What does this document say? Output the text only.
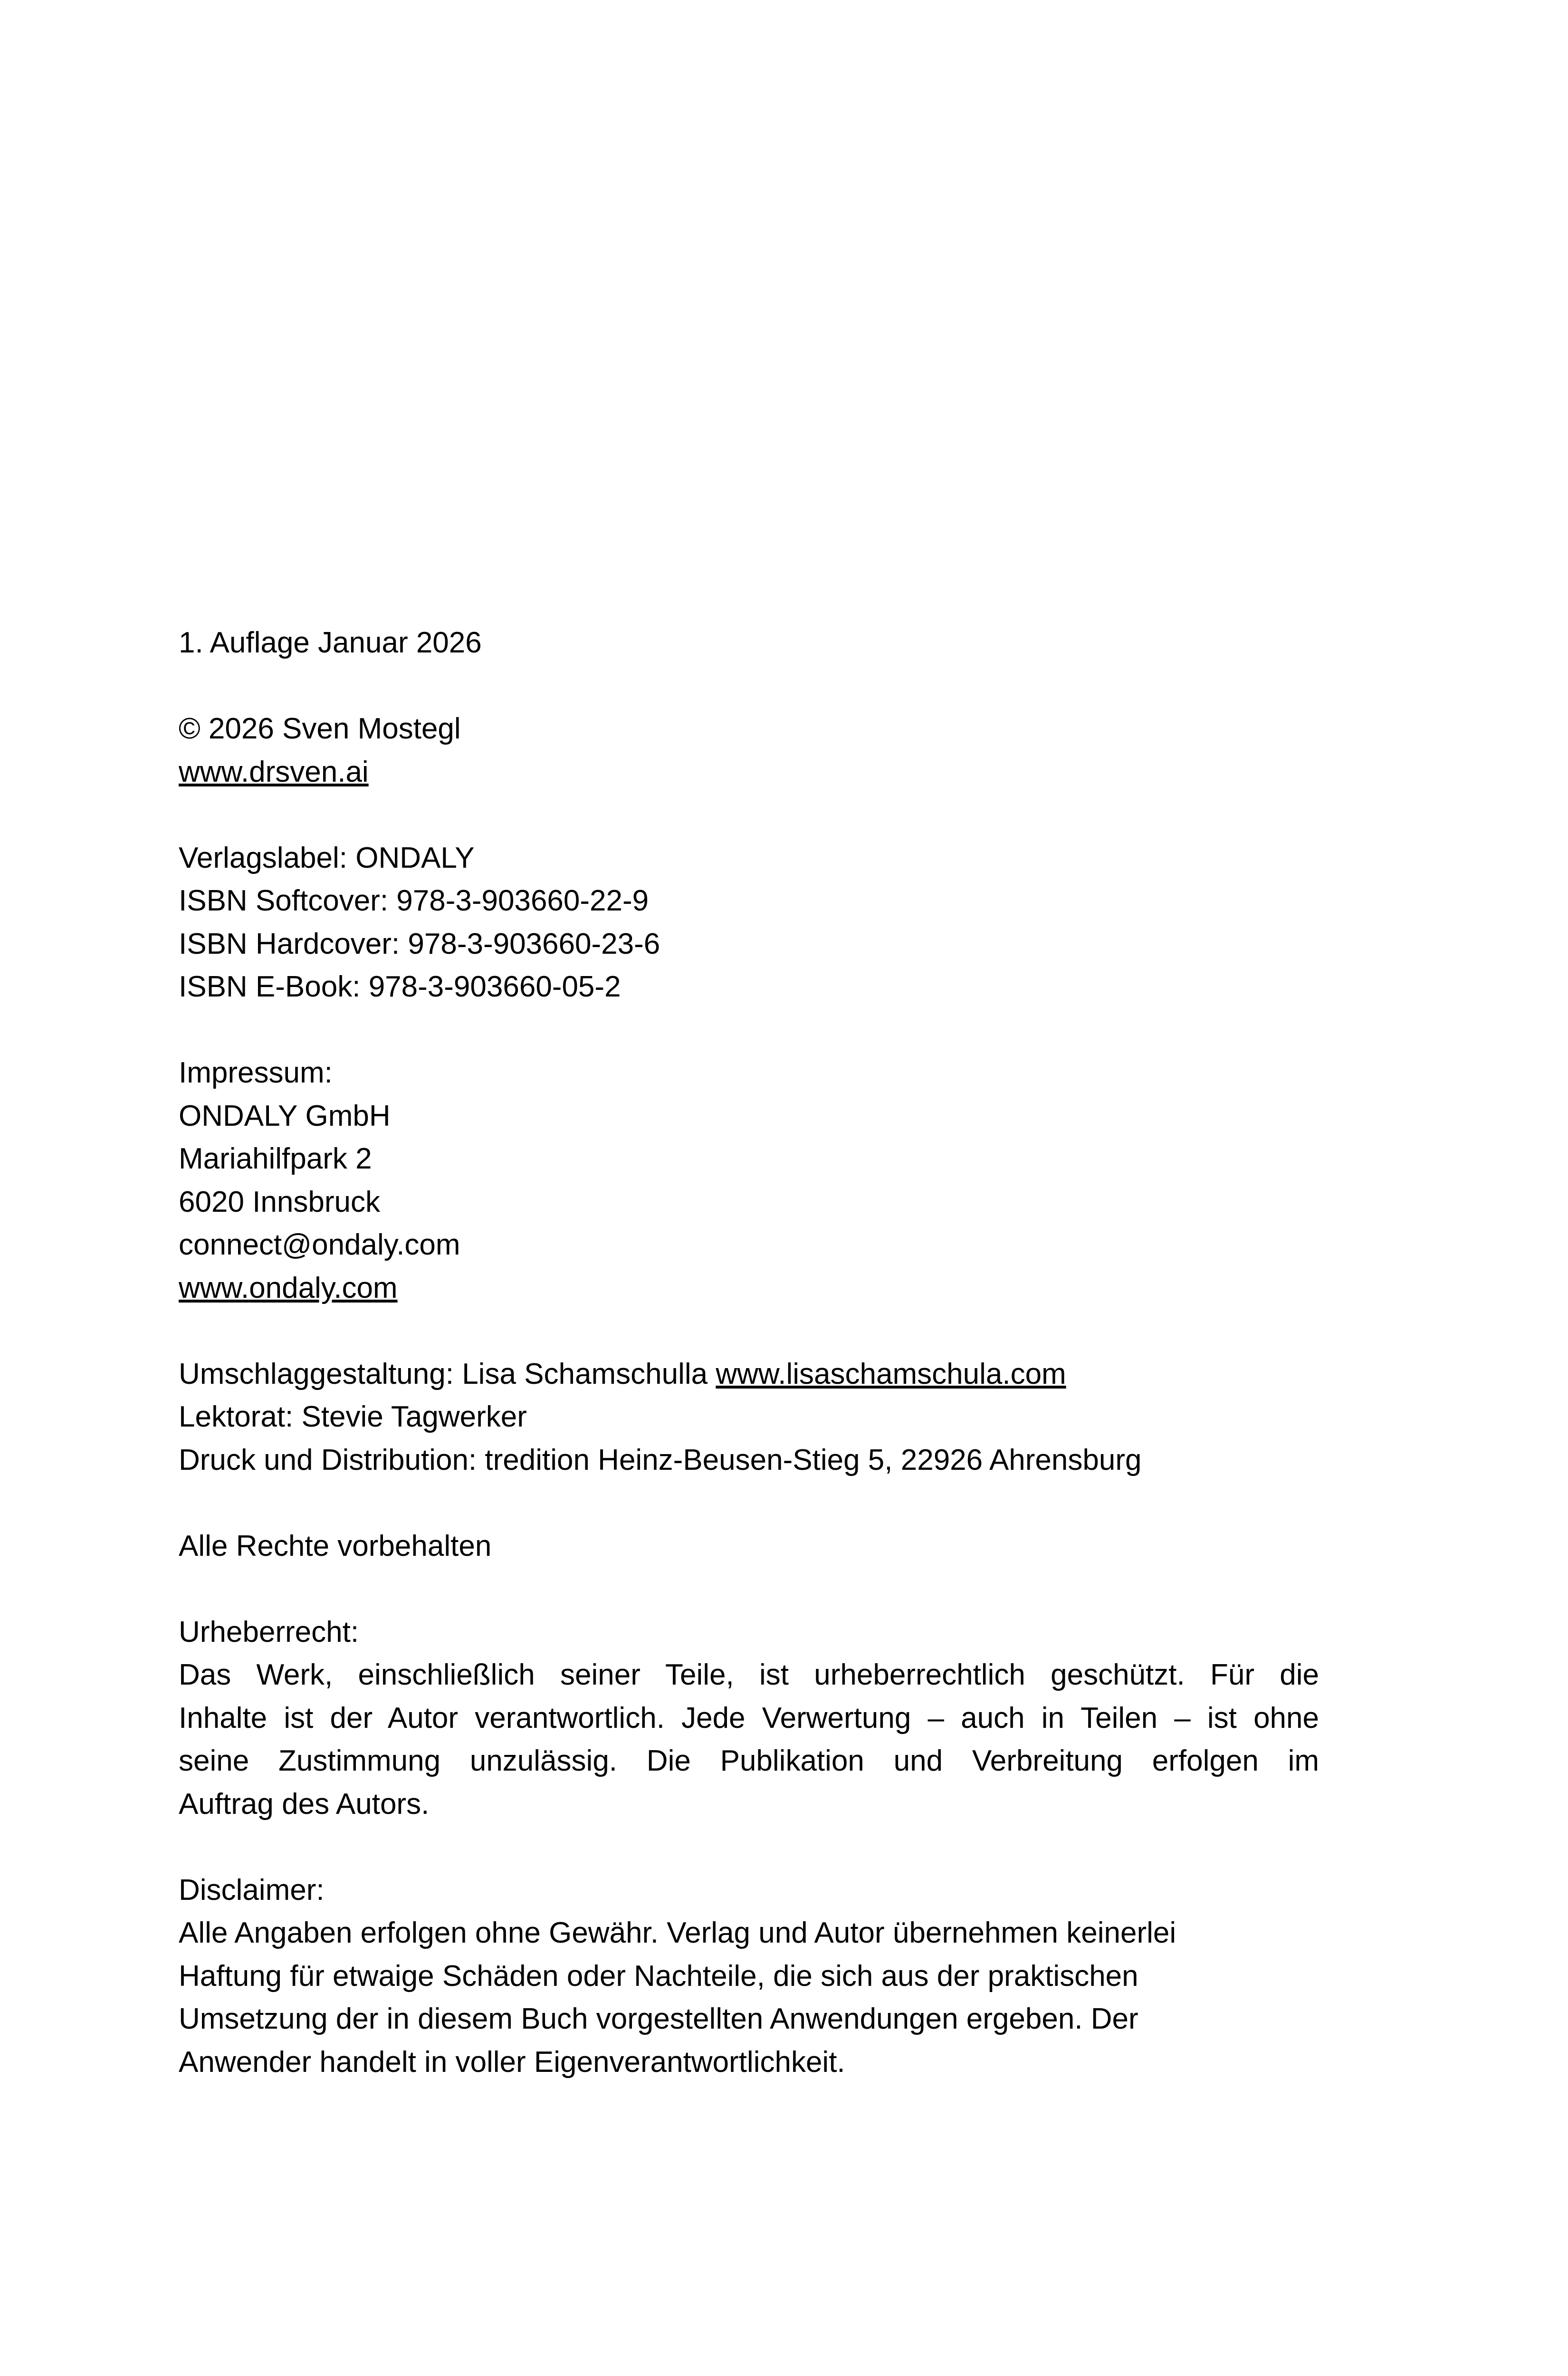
1. Auflage Januar 2026
© 2026 Sven Mostegl
www.drsven.ai
Verlagslabel: ONDALY
ISBN Softcover: 978-3-903660-22-9
ISBN Hardcover: 978-3-903660-23-6
ISBN E-Book: 978-3-903660-05-2
Impressum:
ONDALY GmbH
Mariahilfpark 2
6020 Innsbruck
connect@ondaly.com
www.ondaly.com
Umschlaggestaltung: Lisa Schamschulla www.lisaschamschula.com
Lektorat: Stevie Tagwerker
Druck und Distribution: tredition Heinz-Beusen-Stieg 5, 22926 Ahrensburg
Alle Rechte vorbehalten
Urheberrecht:
Das Werk, einschließlich seiner Teile, ist urheberrechtlich geschützt. Für die
Inhalte ist der Autor verantwortlich. Jede Verwertung – auch in Teilen – ist ohne
seine Zustimmung unzulässig. Die Publikation und Verbreitung erfolgen im
Auftrag des Autors.
Disclaimer:
Alle Angaben erfolgen ohne Gewähr. Verlag und Autor übernehmen keinerlei
Haftung für etwaige Schäden oder Nachteile, die sich aus der praktischen
Umsetzung der in diesem Buch vorgestellten Anwendungen ergeben. Der
Anwender handelt in voller Eigenverantwortlichkeit.
